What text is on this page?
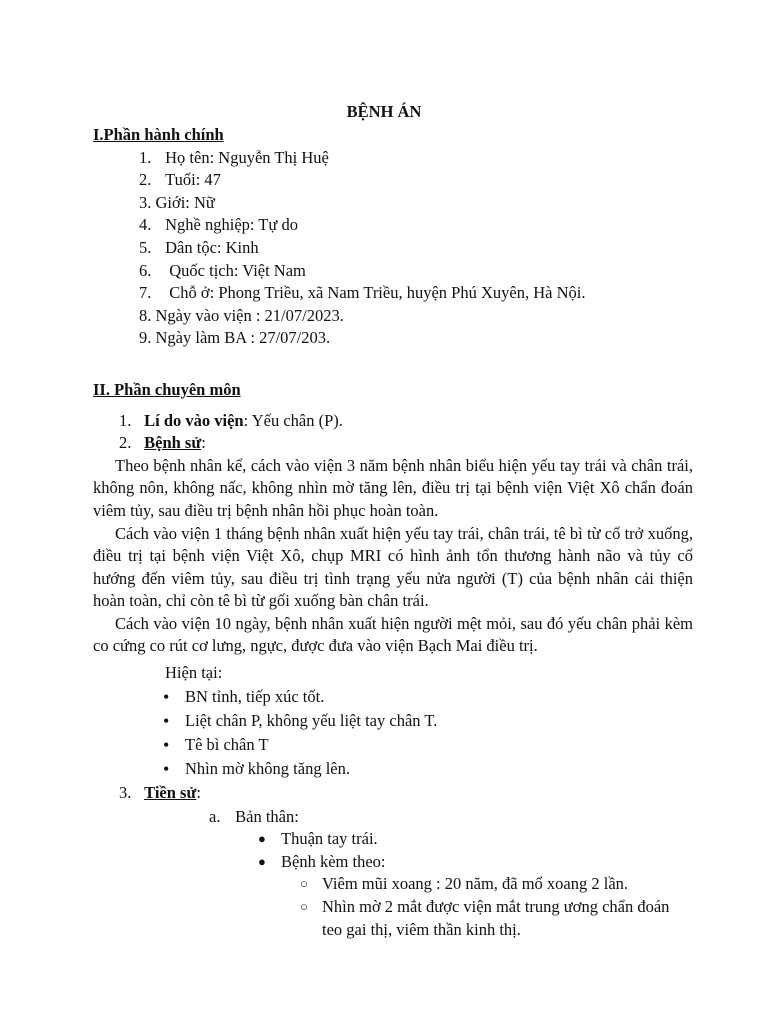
BỆNH ÁN
I.Phần hành chính
1.
Họ tên: Nguyễn Thị Huệ
2.
Tuổi: 47
3.
Giới: Nữ
4.
Nghề nghiệp: Tự do
5.
Dân tộc: Kinh
6.
Quốc tịch: Việt Nam
7.
Chỗ ở: Phong Triều, xã Nam Triều, huyện Phú Xuyên, Hà Nội.
8.
Ngày vào viện : 21/07/2023.
9.
Ngày làm BA : 27/07/203.
II. Phần chuyên môn
1.
Lí do vào viện: Yếu chân (P).
2.
Bệnh sử:
Theo bệnh nhân kể, cách vào viện 3 năm bệnh nhân biểu hiện yếu tay trái và chân trái, không nôn, không nấc, không nhìn mờ tăng lên, điều trị tại bệnh viện Việt Xô chẩn đoán viêm tủy, sau điều trị bệnh nhân hồi phục hoàn toàn.
Cách vào viện 1 tháng bệnh nhân xuất hiện yếu tay trái, chân trái, tê bì từ cổ trở xuống, điều trị tại bệnh viện Việt Xô, chụp MRI có hình ảnh tổn thương hành não và tủy cổ hướng đến viêm tủy, sau điều trị tình trạng yếu nửa người (T) của bệnh nhân cải thiện hoàn toàn, chỉ còn tê bì từ gối xuống bàn chân trái.
Cách vào viện 10 ngày, bệnh nhân xuất hiện người mệt mỏi, sau đó yếu chân phải kèm co cứng co rút cơ lưng, ngực, được đưa vào viện Bạch Mai điều trị.
Hiện tại:
• BN tỉnh, tiếp xúc tốt.
• Liệt chân P, không yếu liệt tay chân T.
• Tê bì chân T
• Nhìn mờ không tăng lên.
3.
Tiền sử:
a. Bản thân:
● Thuận tay trái.
● Bệnh kèm theo:
○ Viêm mũi xoang : 20 năm, đã mổ xoang 2 lần.
○ Nhìn mờ 2 mắt được viện mắt trung ương chẩn đoán teo gai thị, viêm thần kinh thị.
